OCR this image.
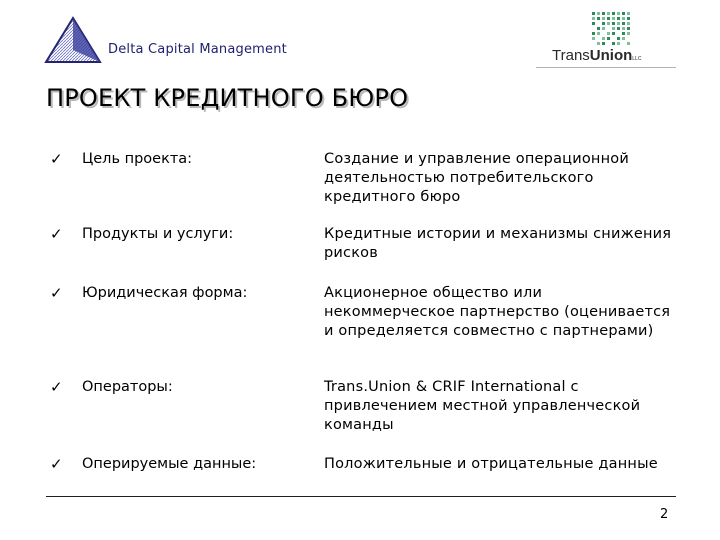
Delta Capital Management	TransUnionLLC
ПРОЕКТ КРЕДИТНОГО БЮРО
✓ Цель проекта:	Создание и управление операционной деятельностью потребительского кредитного бюро
✓ Продукты и услуги:	Кредитные истории и механизмы снижения рисков
✓ Юридическая форма:	Акционерное общество или некоммерческое партнерство (оценивается и определяется совместно с партнерами)
✓ Операторы:	Trans.Union & CRIF International с привлечением местной управленческой команды
✓ Оперируемые данные:	Положительные и отрицательные данные
2
